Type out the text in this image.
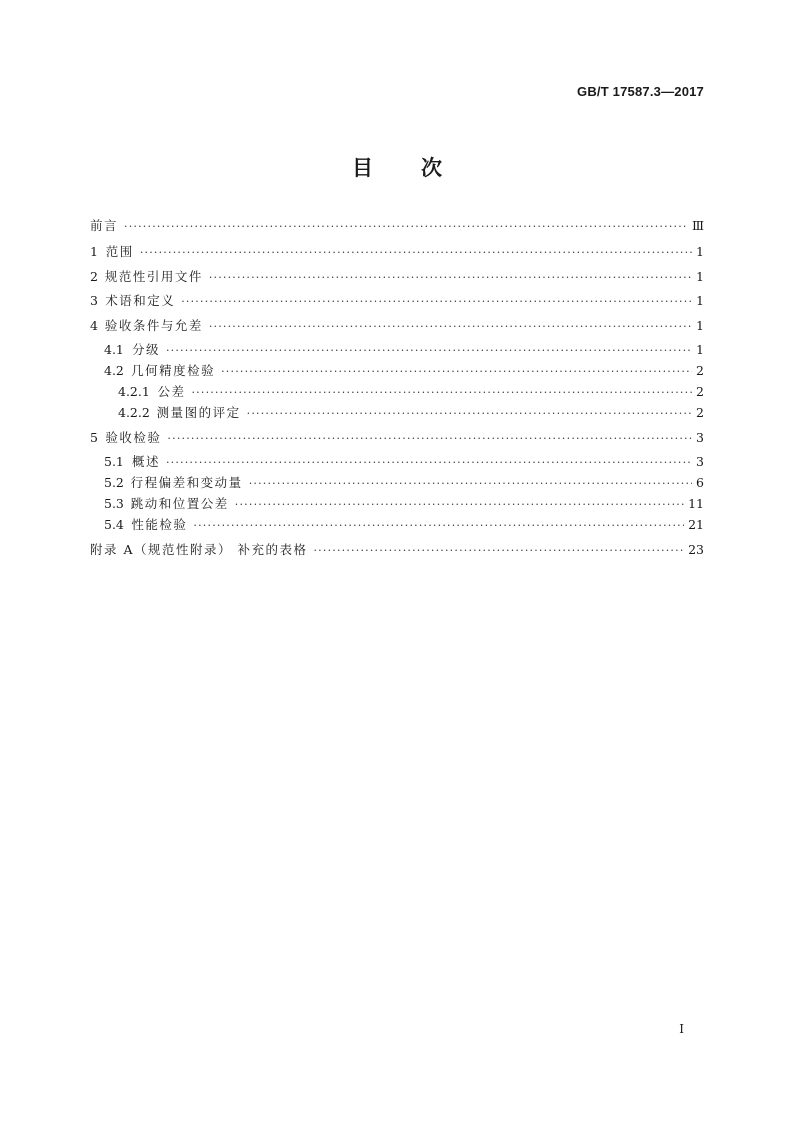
GB/T 17587.3—2017
目 次
前言 ·····	Ⅲ
1 范围 ·····	1
2 规范性引用文件 ·····	1
3 术语和定义 ·····	1
4 验收条件与允差 ·····	1
4.1 分级 ·····	1
4.2 几何精度检验 ·····	2
4.2.1 公差 ·····	2
4.2.2 测量图的评定 ·····	2
5 验收检验 ·····	3
5.1 概述 ·····	3
5.2 行程偏差和变动量 ·····	6
5.3 跳动和位置公差 ·····	11
5.4 性能检验 ·····	21
附录 A（规范性附录） 补充的表格 ·····	23
I
